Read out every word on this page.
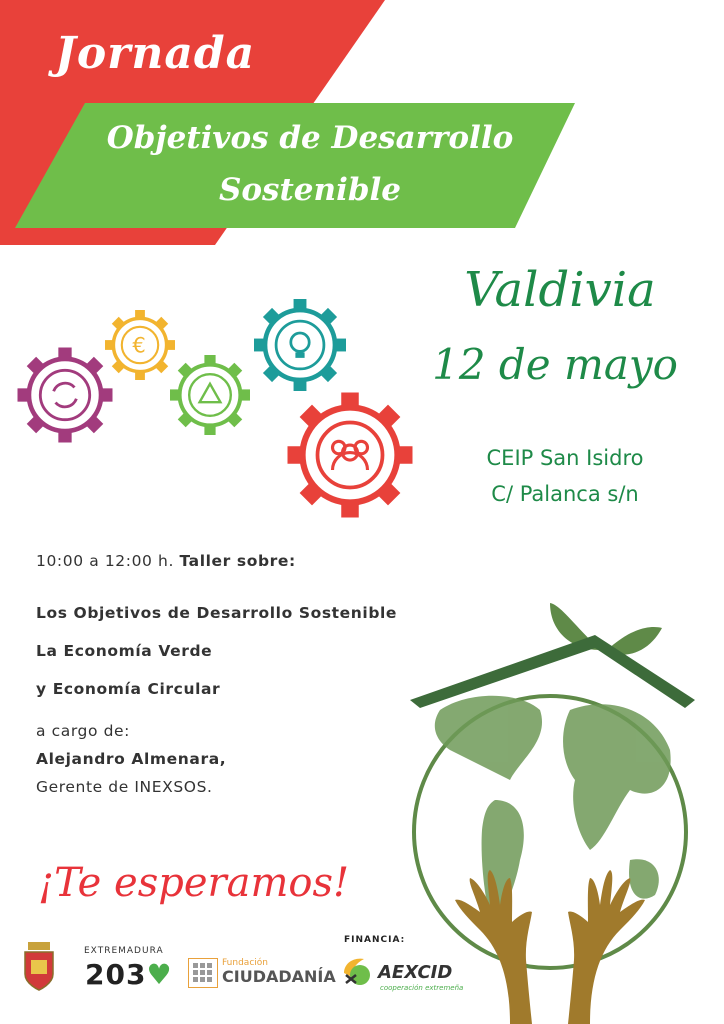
Jornada
Objetivos de Desarrollo
Sostenible
€
Valdivia
12 de mayo
CEIP San Isidro
C/ Palanca s/n
10:00 a 12:00 h. Taller sobre:
Los Objetivos de Desarrollo Sostenible
La Economía Verde
y Economía Circular
a cargo de:
Alejandro Almenara,
Gerente de INEXSOS.
¡Te esperamos!
EXTREMADURA
203♥	Fundación
CIUDADANÍA
FINANCIA:
AEXCID
cooperación extremeña
